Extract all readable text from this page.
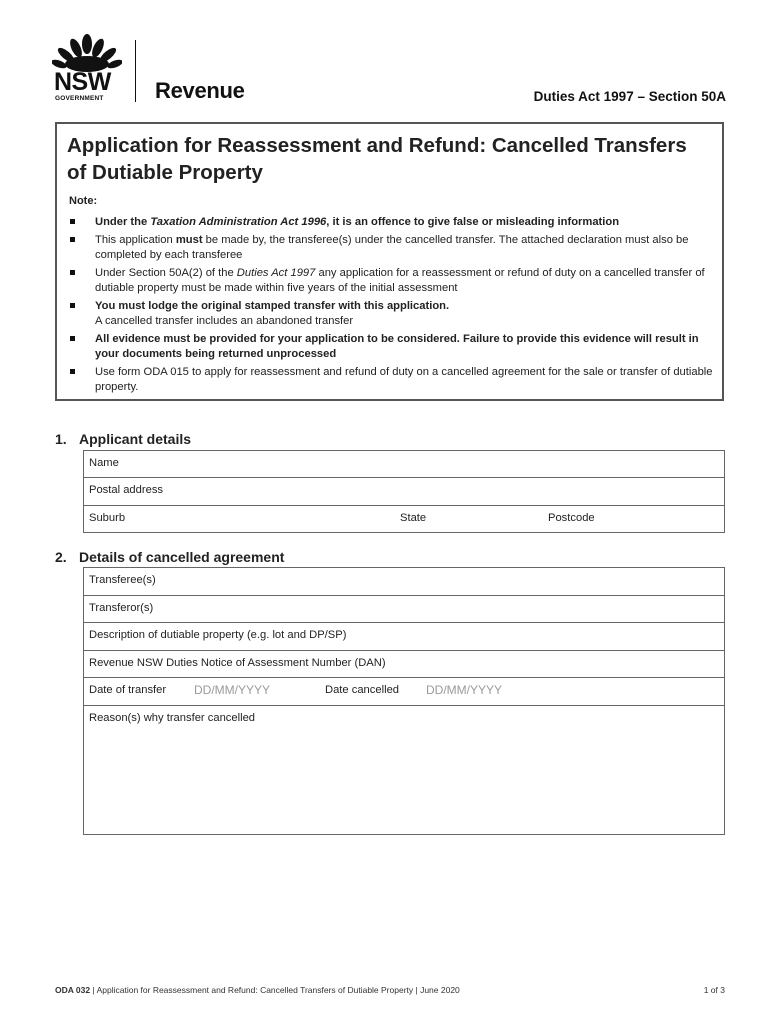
NSW
GOVERNMENT Revenue	Duties Act 1997 – Section 50A
Application for Reassessment and Refund: Cancelled Transfers of Dutiable Property
Note:
Under the Taxation Administration Act 1996, it is an offence to give false or misleading information
This application must be made by, the transferee(s) under the cancelled transfer. The attached declaration must also be completed by each transferee
Under Section 50A(2) of the Duties Act 1997 any application for a reassessment or refund of duty on a cancelled transfer of dutiable property must be made within five years of the initial assessment
You must lodge the original stamped transfer with this application.
A cancelled transfer includes an abandoned transfer
All evidence must be provided for your application to be considered. Failure to provide this evidence will result in your documents being returned unprocessed
Use form ODA 015 to apply for reassessment and refund of duty on a cancelled agreement for the sale or transfer of dutiable property.
1. Applicant details
Name
Postal address
Suburb	State	Postcode
2. Details of cancelled agreement
Transferee(s)
Transferor(s)
Description of dutiable property (e.g. lot and DP/SP)
Revenue NSW Duties Notice of Assessment Number (DAN)
Date of transfer DD/MM/YYYY	Date cancelled DD/MM/YYYY
Reason(s) why transfer cancelled
ODA 032 | Application for Reassessment and Refund: Cancelled Transfers of Dutiable Property | June 2020	1 of 3
